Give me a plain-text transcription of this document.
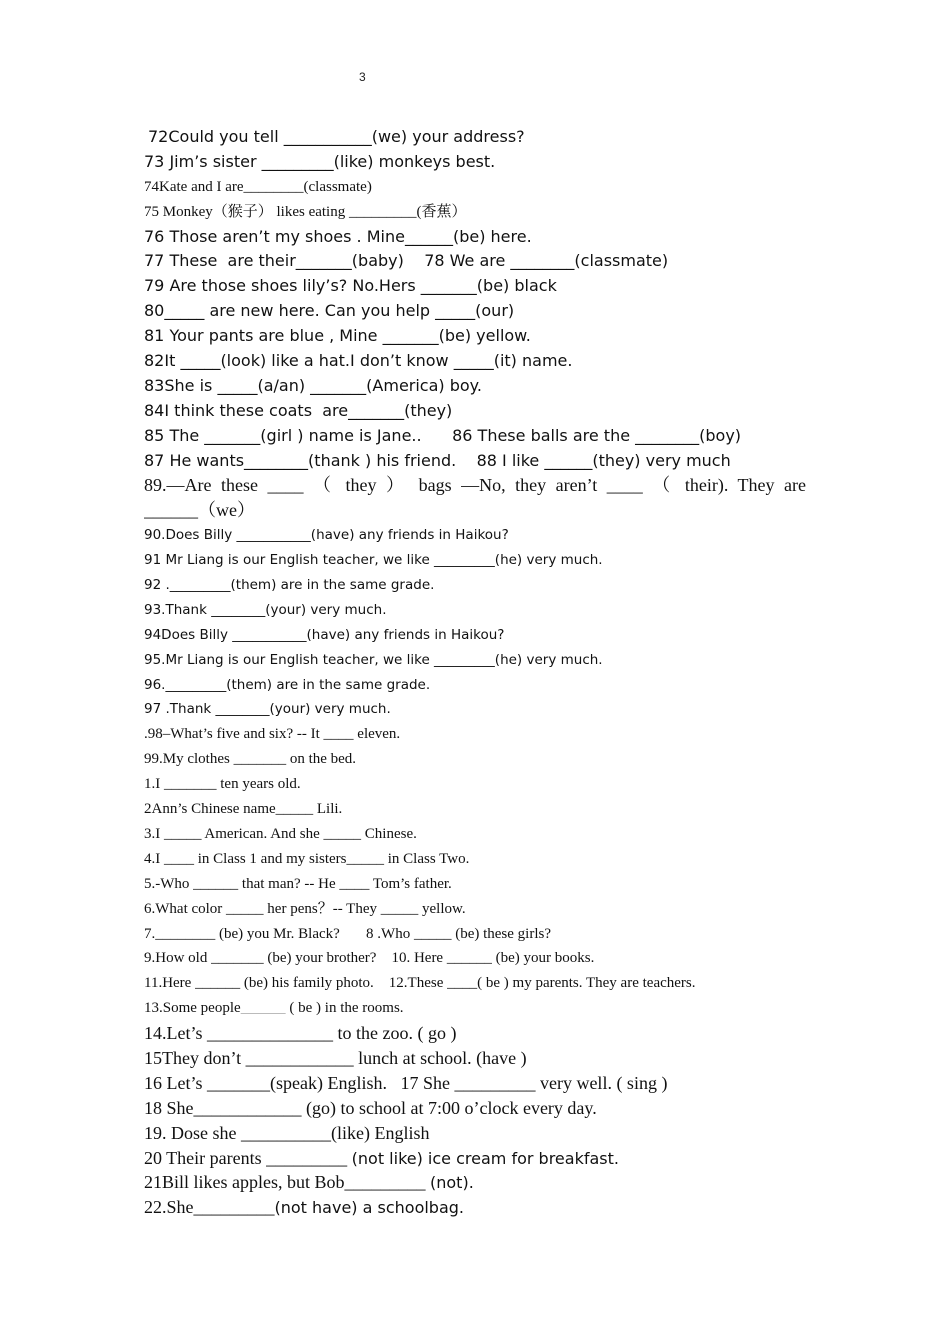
3
72Could you tell ___________(we) your address?
73 Jim’s sister _________(like) monkeys best.
74Kate and I are________(classmate)
75 Monkey（猴子） likes eating _________(香蕉）
76 Those aren’t my shoes . Mine______(be) here.
77 These  are their_______(baby)    78 We are ________(classmate)
79 Are those shoes lily’s? No.Hers _______(be) black
80_____ are new here. Can you help _____(our)
81 Your pants are blue , Mine _______(be) yellow.
82It _____(look) like a hat.I don’t know _____(it) name.
83She is _____(a/an) _______(America) boy.
84I think these coats  are_______(they)
85 The _______(girl ) name is Jane..      86 These balls are the ________(boy)
87 He wants________(thank ) his friend.    88 I like ______(they) very much
89.—Are these ____ （ they ） bags —No, they aren’t ____ （ their). They are
______（we）
90.Does Billy ___________(have) any friends in Haikou?
91 Mr Liang is our English teacher, we like _________(he) very much.
92 ._________(them) are in the same grade.
93.Thank ________(your) very much.
94Does Billy ___________(have) any friends in Haikou?
95.Mr Liang is our English teacher, we like _________(he) very much.
96._________(them) are in the same grade.
97 .Thank ________(your) very much.
.98–What’s five and six? -- It ____ eleven.
99.My clothes _______ on the bed.
1.I _______ ten years old.
2Ann’s Chinese name_____ Lili.
3.I _____ American. And she _____ Chinese.
4.I ____ in Class 1 and my sisters_____ in Class Two.
5.-Who ______ that man? -- He ____ Tom’s father.
6.What color _____ her pens？-- They _____ yellow.
7.________ (be) you Mr. Black?       8 .Who _____ (be) these girls?
9.How old _______ (be) your brother?    10. Here ______ (be) your books.
11.Here ______ (be) his family photo.    12.These ____( be ) my parents. They are teachers.
13.Some people	( be ) in the rooms.
14.Let’s ______________ to the zoo. ( go )
15They don’t ____________ lunch at school. (have )
16 Let’s _______(speak) English.   17 She _________ very well. ( sing )
18 She____________ (go) to school at 7:00 o’clock every day.
19. Dose she __________(like) English
20 Their parents _________ (not like) ice cream for breakfast.
21Bill likes apples, but Bob_________ (not).
22.She_________(not have) a schoolbag.
